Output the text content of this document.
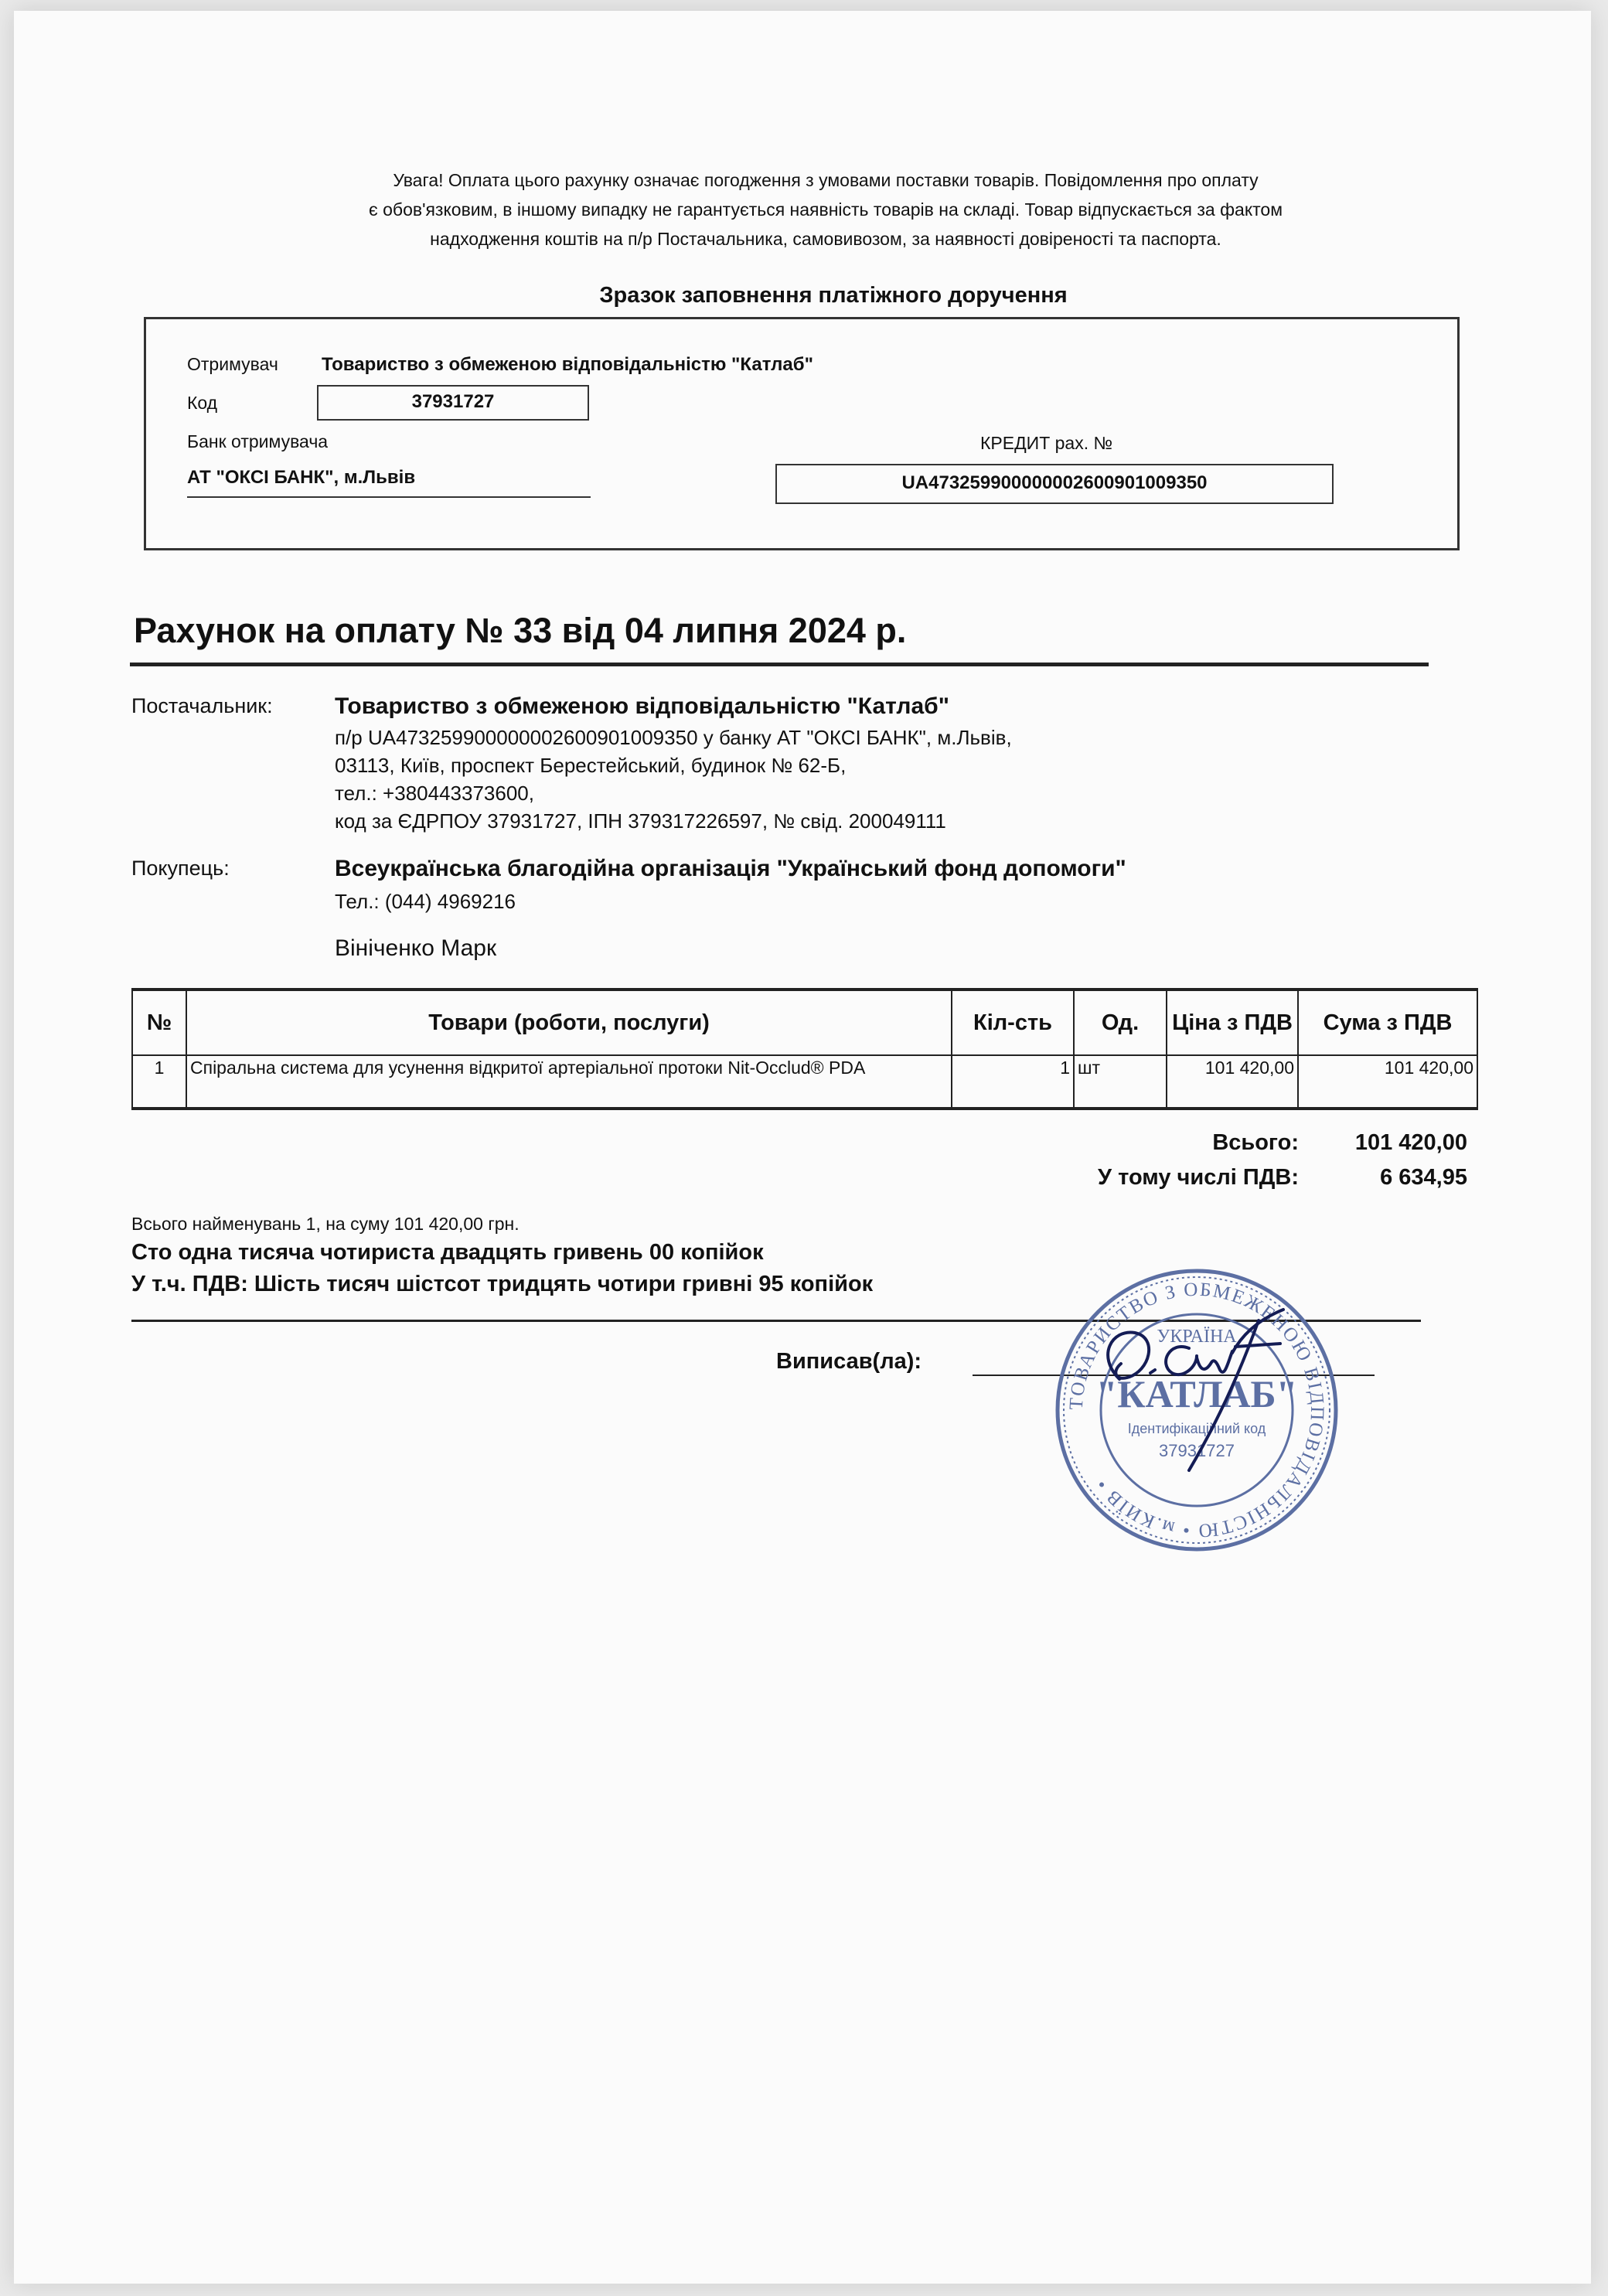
Увага! Оплата цього рахунку означає погодження з умовами поставки товарів. Повідомлення про оплату
є обов'язковим, в іншому випадку не гарантується наявність товарів на складі. Товар відпускається за фактом
надходження коштів на п/р Постачальника, самовивозом, за наявності довіреності та паспорта.
Зразок заповнення платіжного доручення
Отримувач Товариство з обмеженою відповідальністю "Катлаб"
Код	37931727
Банк отримувача
АТ "ОКСІ БАНК", м.Львів
КРЕДИТ рах. №
UA473259900000002600901009350
Рахунок на оплату № 33 від 04 липня 2024 р.
Постачальник:	Товариство з обмеженою відповідальністю "Катлаб"
п/р UA473259900000002600901009350 у банку АТ "ОКСІ БАНК", м.Львів,
03113, Київ, проспект Берестейський, будинок № 62-Б,
тел.: +380443373600,
код за ЄДРПОУ 37931727, ІПН 379317226597, № свід. 200049111
Покупець:	Всеукраїнська благодійна організація "Український фонд допомоги"
Тел.: (044) 4969216
Вініченко Марк
№	Товари (роботи, послуги)	Кіл-сть	Од.	Ціна з ПДВ	Сума з ПДВ
1	Спіральна система для усунення відкритої артеріальної протоки Nit-Occlud® PDA	1	шт	101 420,00	101 420,00
Всього:	101 420,00
У тому числі ПДВ:	6 634,95
Всього найменувань 1, на суму 101 420,00 грн.
Сто одна тисяча чотириста двадцять гривень 00 копійок
У т.ч. ПДВ: Шість тисяч шістсот тридцять чотири гривні 95 копійок
Виписав(ла):
ТОВАРИСТВО З ОБМЕЖЕНОЮ ВІДПОВІДАЛЬНІСТЮ • м.КИЇВ •
УКРАЇНА
"КАТЛАБ"
Ідентифікаційний код
37931727
